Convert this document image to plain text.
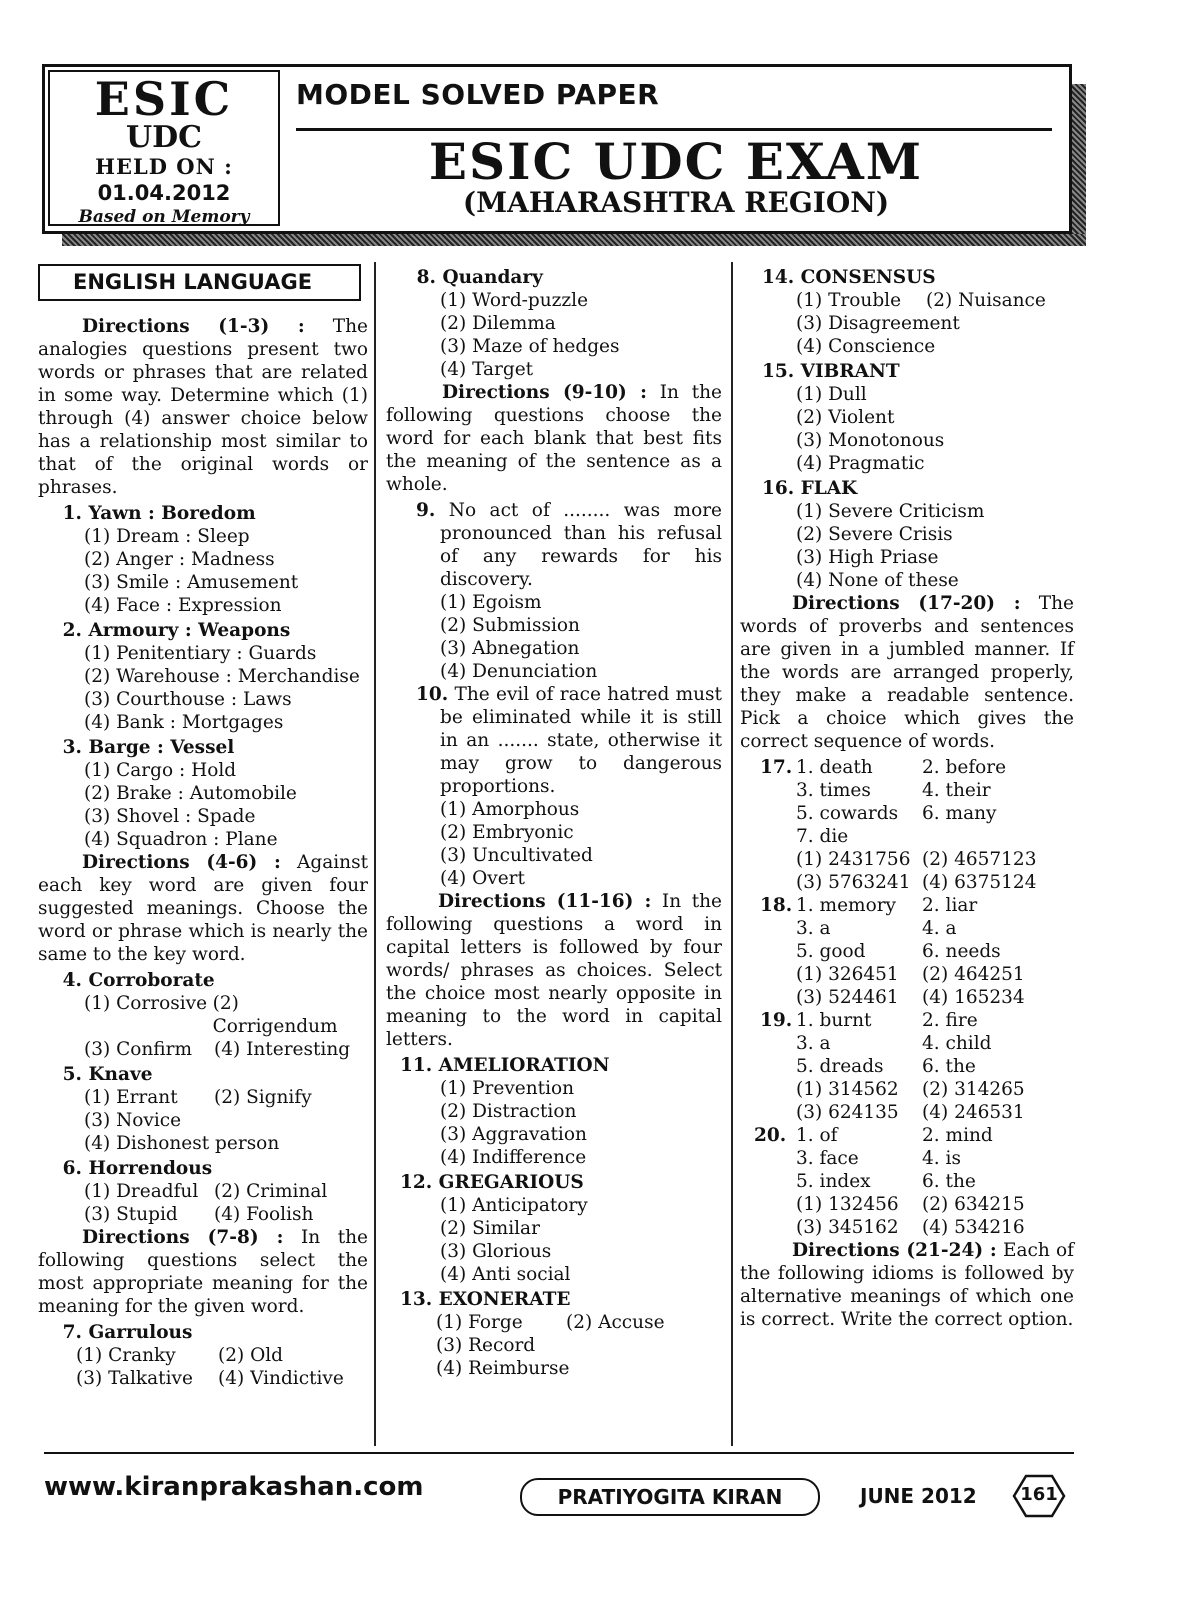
ESIC
UDC
HELD ON :
01.04.2012
Based on Memory
MODEL SOLVED PAPER
ESIC UDC EXAM
(MAHARASHTRA REGION)
ENGLISH LANGUAGE

Directions (1-3) : The analogies questions present two words or phrases that are related in some way. Determine which (1) through (4) answer choice below has a relationship most similar to that of the original words or phrases.

1. Yawn : Boredom
(1) Dream : Sleep
(2) Anger : Madness
(3) Smile : Amusement
(4) Face : Expression
2. Armoury : Weapons
(1) Penitentiary : Guards
(2) Warehouse : Merchandise
(3) Courthouse : Laws
(4) Bank : Mortgages
3. Barge : Vessel
(1) Cargo : Hold
(2) Brake : Automobile
(3) Shovel : Spade
(4) Squadron : Plane

Directions (4-6) : Against each key word are given four suggested meanings. Choose the word or phrase which is nearly the same to the key word.

4. Corroborate
(1) Corrosive (2) Corrigendum
(3) Confirm	(4) Interesting
5. Knave
(1) Errant	(2) Signify
(3) Novice
(4) Dishonest person
6. Horrendous
(1) Dreadful (2) Criminal
(3) Stupid	(4) Foolish

Directions (7-8) : In the following questions select the most appropriate meaning for the meaning for the given word.

7. Garrulous
(1) Cranky	(2) Old
(3) Talkative	(4) Vindictive
8. Quandary
(1) Word-puzzle
(2) Dilemma
(3) Maze of hedges
(4) Target

Directions (9-10) : In the following questions choose the word for each blank that best fits the meaning of the sentence as a whole.

9. No act of ........ was more pronounced than his refusal of any rewards for his discovery.
(1) Egoism
(2) Submission
(3) Abnegation
(4) Denunciation
10. The evil of race hatred must be eliminated while it is still in an ....... state, otherwise it may grow to dangerous proportions.
(1) Amorphous
(2) Embryonic
(3) Uncultivated
(4) Overt

Directions (11-16) : In the following questions a word in capital letters is followed by four words/ phrases as choices. Select the choice most nearly opposite in meaning to the word in capital letters.

11. AMELIORATION
(1) Prevention
(2) Distraction
(3) Aggravation
(4) Indifference
12. GREGARIOUS
(1) Anticipatory
(2) Similar
(3) Glorious
(4) Anti social
13. EXONERATE
(1) Forge	(2) Accuse
(3) Record
(4) Reimburse
14. CONSENSUS
(1) Trouble	(2) Nuisance
(3) Disagreement
(4) Conscience
15. VIBRANT
(1) Dull
(2) Violent
(3) Monotonous
(4) Pragmatic
16. FLAK
(1) Severe Criticism
(2) Severe Crisis
(3) High Priase
(4) None of these

Directions (17-20) : The words of proverbs and sentences are given in a jumbled manner. If the words are arranged properly, they make a readable sentence. Pick a choice which gives the correct sequence of words.

17. 1. death	2. before
3. times	4. their
5. cowards	6. many
7. die
(1) 2431756 (2) 4657123
(3) 5763241 (4) 6375124
18. 1. memory	2. liar
3. a	4. a
5. good	6. needs
(1) 326451	(2) 464251
(3) 524461	(4) 165234
19. 1. burnt	2. fire
3. a	4. child
5. dreads	6. the
(1) 314562	(2) 314265
(3) 624135	(4) 246531
20. 1. of	2. mind
3. face	4. is
5. index	6. the
(1) 132456	(2) 634215
(3) 345162	(4) 534216

Directions (21-24) : Each of the following idioms is followed by alternative meanings of which one is correct. Write the correct option.

www.kiranprakashan.com	PRATIYOGITA KIRAN	JUNE 2012	161
